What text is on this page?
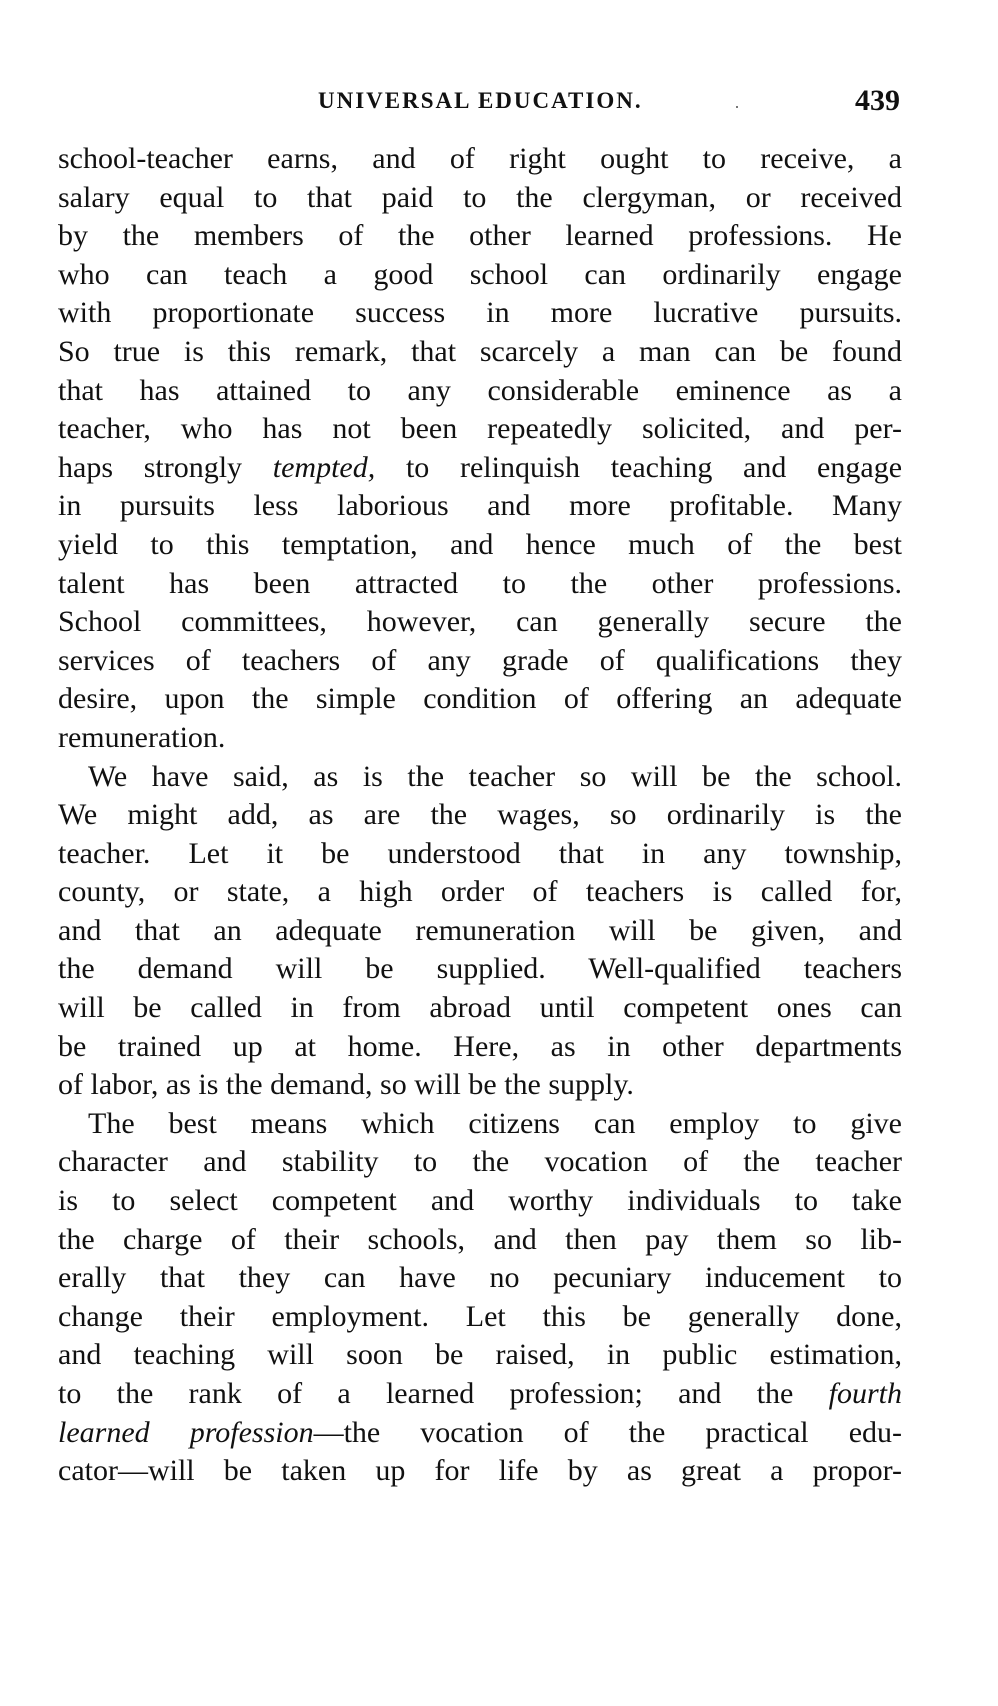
UNIVERSAL EDUCATION.	439
school-teacher earns, and of right ought to receive, a
salary equal to that paid to the clergyman, or received
by the members of the other learned professions. He
who can teach a good school can ordinarily engage
with proportionate success in more lucrative pursuits.
So true is this remark, that scarcely a man can be found
that has attained to any considerable eminence as a
teacher, who has not been repeatedly solicited, and per-
haps strongly tempted, to relinquish teaching and engage
in pursuits less laborious and more profitable. Many
yield to this temptation, and hence much of the best
talent has been attracted to the other professions.
School committees, however, can generally secure the
services of teachers of any grade of qualifications they
desire, upon the simple condition of offering an adequate
remuneration.
We have said, as is the teacher so will be the school.
We might add, as are the wages, so ordinarily is the
teacher. Let it be understood that in any township,
county, or state, a high order of teachers is called for,
and that an adequate remuneration will be given, and
the demand will be supplied. Well-qualified teachers
will be called in from abroad until competent ones can
be trained up at home. Here, as in other departments
of labor, as is the demand, so will be the supply.
The best means which citizens can employ to give
character and stability to the vocation of the teacher
is to select competent and worthy individuals to take
the charge of their schools, and then pay them so lib-
erally that they can have no pecuniary inducement to
change their employment. Let this be generally done,
and teaching will soon be raised, in public estimation,
to the rank of a learned profession; and the fourth
learned profession—the vocation of the practical edu-
cator—will be taken up for life by as great a propor-
